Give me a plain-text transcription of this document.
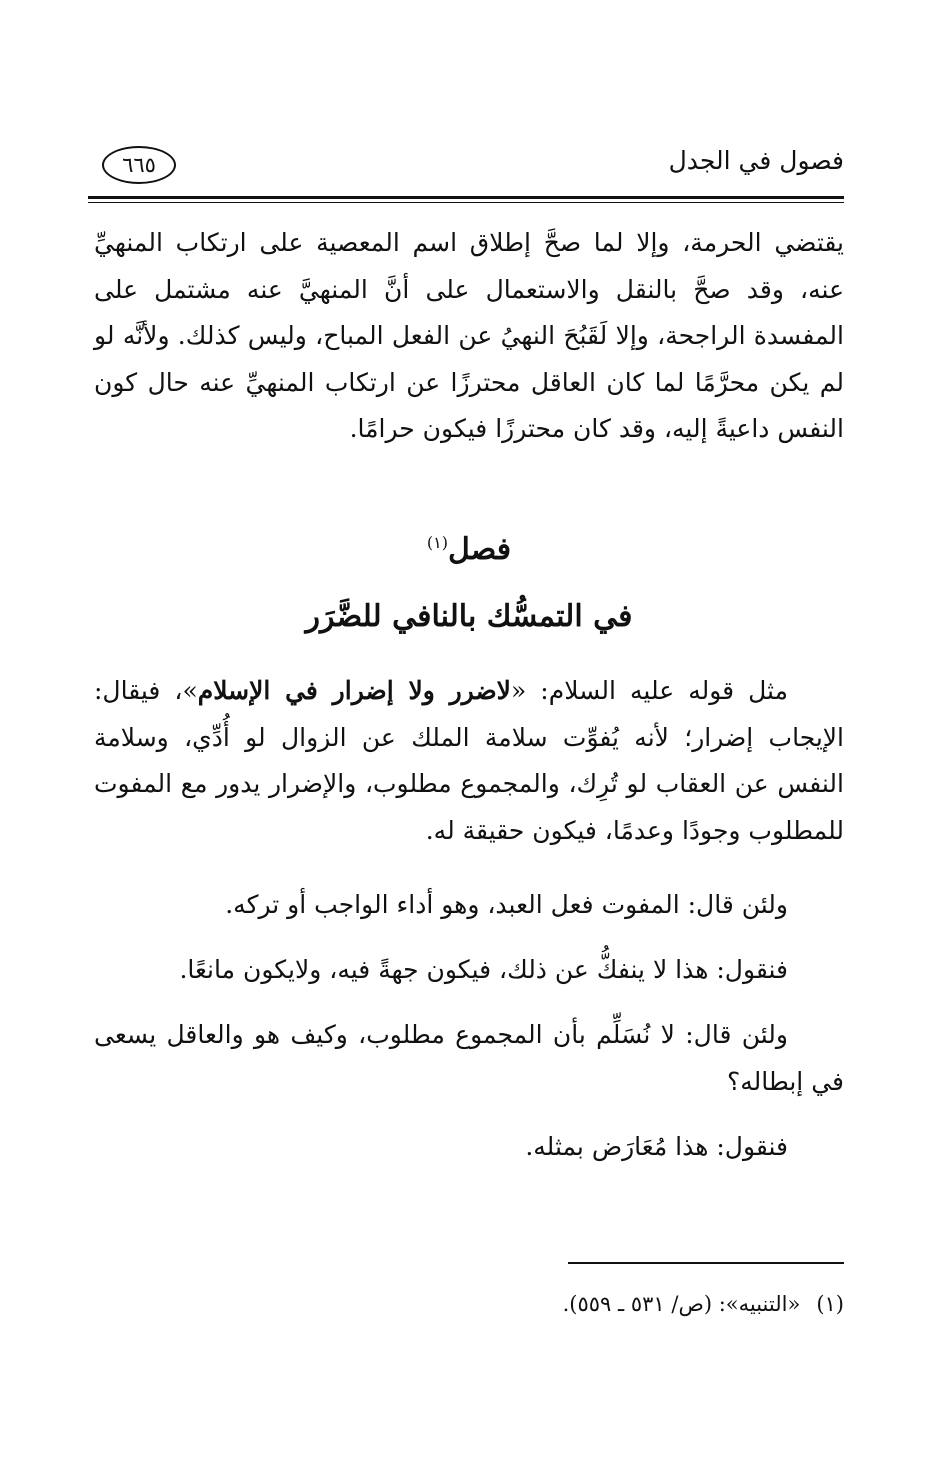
فصول في الجدل
٦٦٥
يقتضي الحرمة، وإلا لما صحَّ إطلاق اسم المعصية على ارتكاب المنهيِّ عنه، وقد صحَّ بالنقل والاستعمال على أنَّ المنهيَّ عنه مشتمل على المفسدة الراجحة، وإلا لَقَبُحَ النهيُ عن الفعل المباح، وليس كذلك. ولأنَّه لو لم يكن محرَّمًا لما كان العاقل محترزًا عن ارتكاب المنهيِّ عنه حال كون النفس داعيةً إليه، وقد كان محترزًا فيكون حرامًا.
فصل$^{(١)}$
في التمسُّك بالنافي للضَّرَر
مثل قوله عليه السلام: «لاضرر ولا إضرار في الإسلام»، فيقال: الإيجاب إضرار؛ لأنه يُفوِّت سلامة الملك عن الزوال لو أُدِّي، وسلامة النفس عن العقاب لو تُرِك، والمجموع مطلوب، والإضرار يدور مع المفوت للمطلوب وجودًا وعدمًا، فيكون حقيقة له.
ولئن قال: المفوت فعل العبد، وهو أداء الواجب أو تركه.
فنقول: هذا لا ينفكُّ عن ذلك، فيكون جهةً فيه، ولايكون مانعًا.
ولئن قال: لا نُسَلِّم بأن المجموع مطلوب، وكيف هو والعاقل يسعى في إبطاله؟
فنقول: هذا مُعَارَض بمثله.
(١)«التنبيه»: (ص/ ٥٣١ ـ ٥٥٩).
